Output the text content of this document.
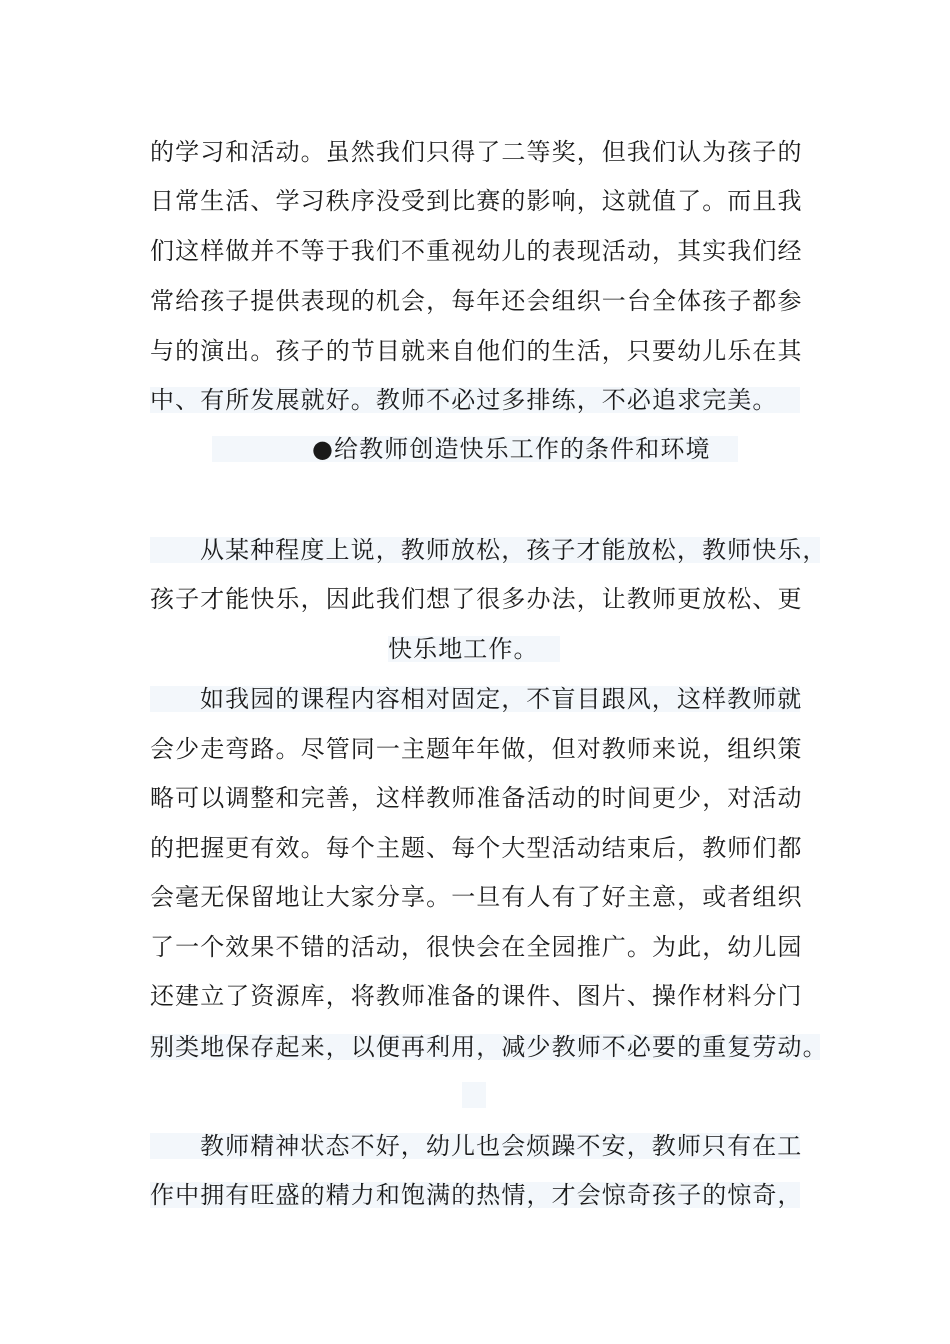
的学习和活动。虽然我们只得了二等奖，但我们认为孩子的
日常生活、学习秩序没受到比赛的影响，这就值了。而且我
们这样做并不等于我们不重视幼儿的表现活动，其实我们经
常给孩子提供表现的机会，每年还会组织一台全体孩子都参
与的演出。孩子的节目就来自他们的生活，只要幼儿乐在其
中、有所发展就好。教师不必过多排练，不必追求完美。
●给教师创造快乐工作的条件和环境
从某种程度上说，教师放松，孩子才能放松，教师快乐，
孩子才能快乐，因此我们想了很多办法，让教师更放松、更
快乐地工作。
如我园的课程内容相对固定，不盲目跟风，这样教师就
会少走弯路。尽管同一主题年年做，但对教师来说，组织策
略可以调整和完善，这样教师准备活动的时间更少，对活动
的把握更有效。每个主题、每个大型活动结束后，教师们都
会毫无保留地让大家分享。一旦有人有了好主意，或者组织
了一个效果不错的活动，很快会在全园推广。为此，幼儿园
还建立了资源库，将教师准备的课件、图片、操作材料分门
别类地保存起来，以便再利用，减少教师不必要的重复劳动。
教师精神状态不好，幼儿也会烦躁不安，教师只有在工
作中拥有旺盛的精力和饱满的热情，才会惊奇孩子的惊奇，
